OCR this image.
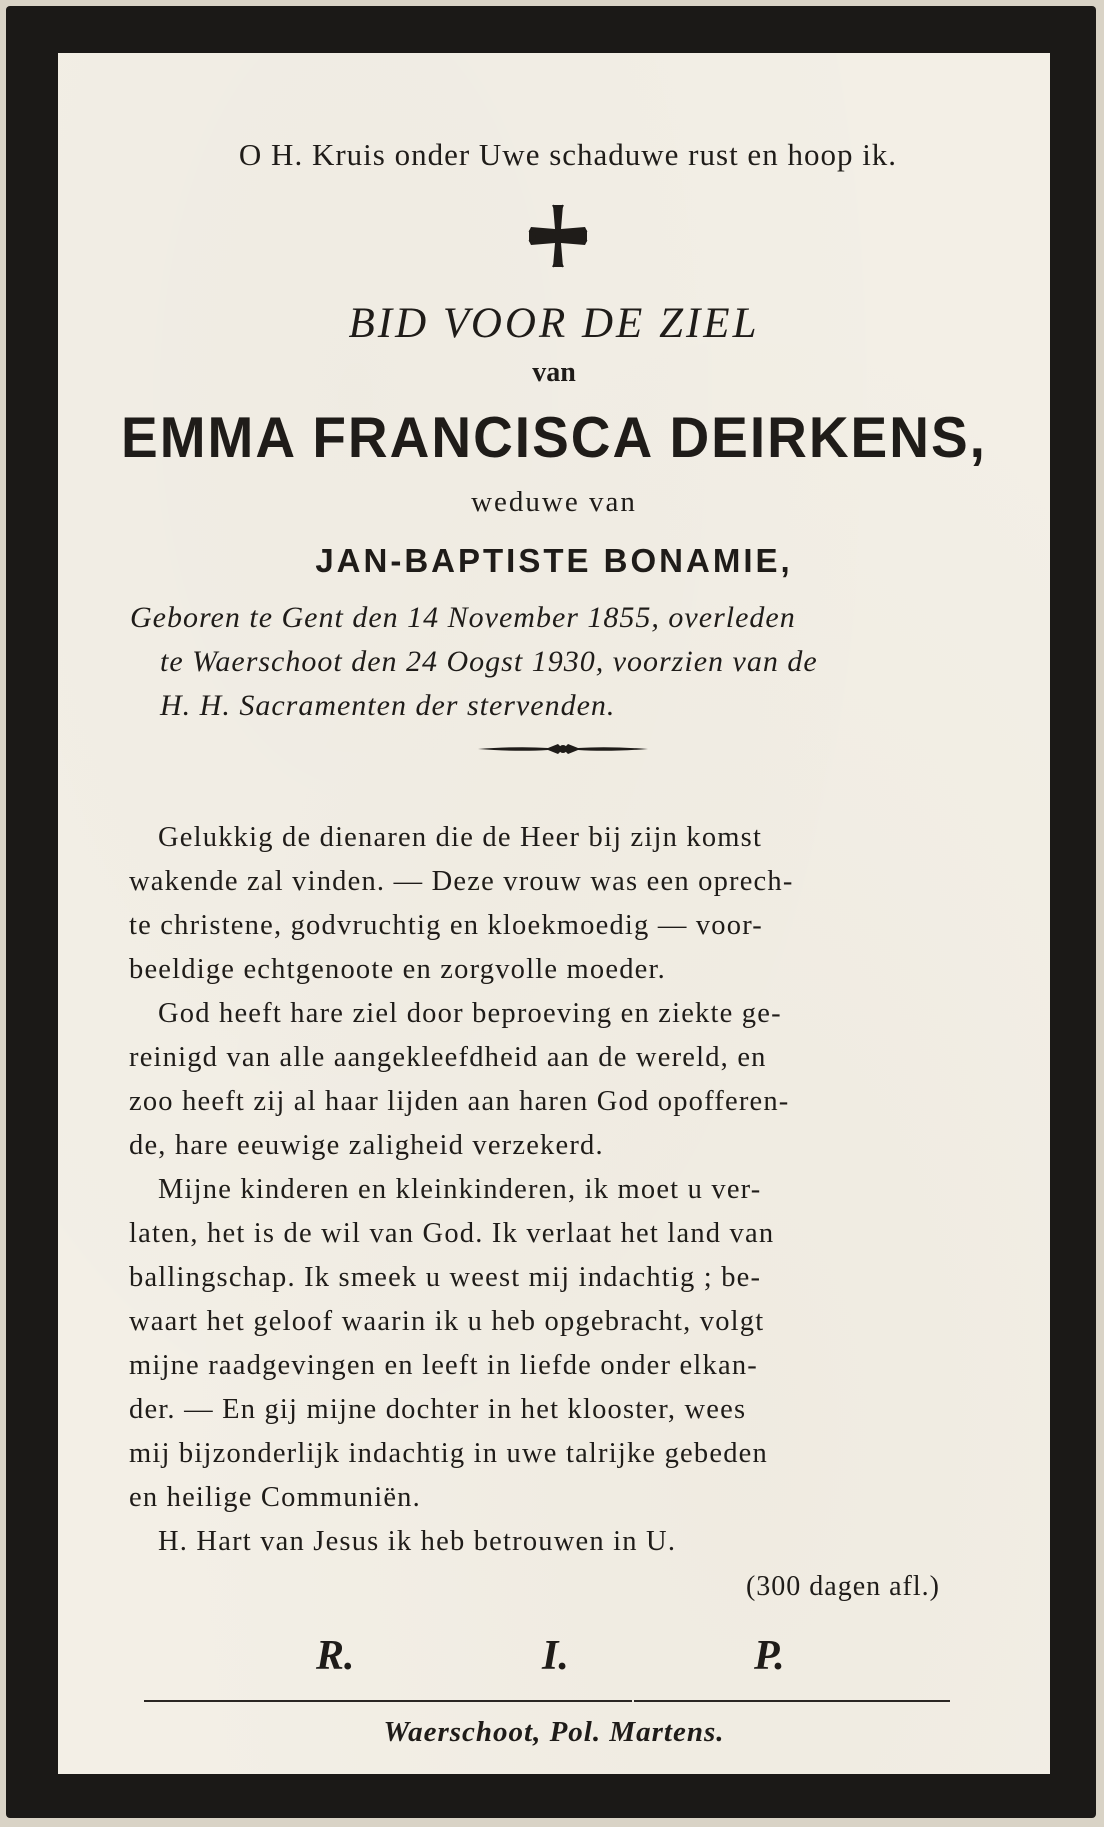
O H. Kruis onder Uwe schaduwe rust en hoop ik.
BID VOOR DE ZIEL
van
EMMA FRANCISCA DEIRKENS,
weduwe van
JAN-BAPTISTE BONAMIE,
Geboren te Gent den 14 November 1855, overleden
te Waerschoot den 24 Oogst 1930, voorzien van de
H. H. Sacramenten der stervenden.
Gelukkig de dienaren die de Heer bij zijn komst
wakende zal vinden. — Deze vrouw was een oprech-
te christene, godvruchtig en kloekmoedig — voor-
beeldige echtgenoote en zorgvolle moeder.
God heeft hare ziel door beproeving en ziekte ge-
reinigd van alle aangekleefdheid aan de wereld, en
zoo heeft zij al haar lijden aan haren God opofferen-
de, hare eeuwige zaligheid verzekerd.
Mijne kinderen en kleinkinderen, ik moet u ver-
laten, het is de wil van God. Ik verlaat het land van
ballingschap. Ik smeek u weest mij indachtig ; be-
waart het geloof waarin ik u heb opgebracht, volgt
mijne raadgevingen en leeft in liefde onder elkan-
der. — En gij mijne dochter in het klooster, wees
mij bijzonderlijk indachtig in uwe talrijke gebeden
en heilige Communiën.
H. Hart van Jesus ik heb betrouwen in U.
(300 dagen afl.)
R.	I.	P.
Waerschoot, Pol. Martens.
